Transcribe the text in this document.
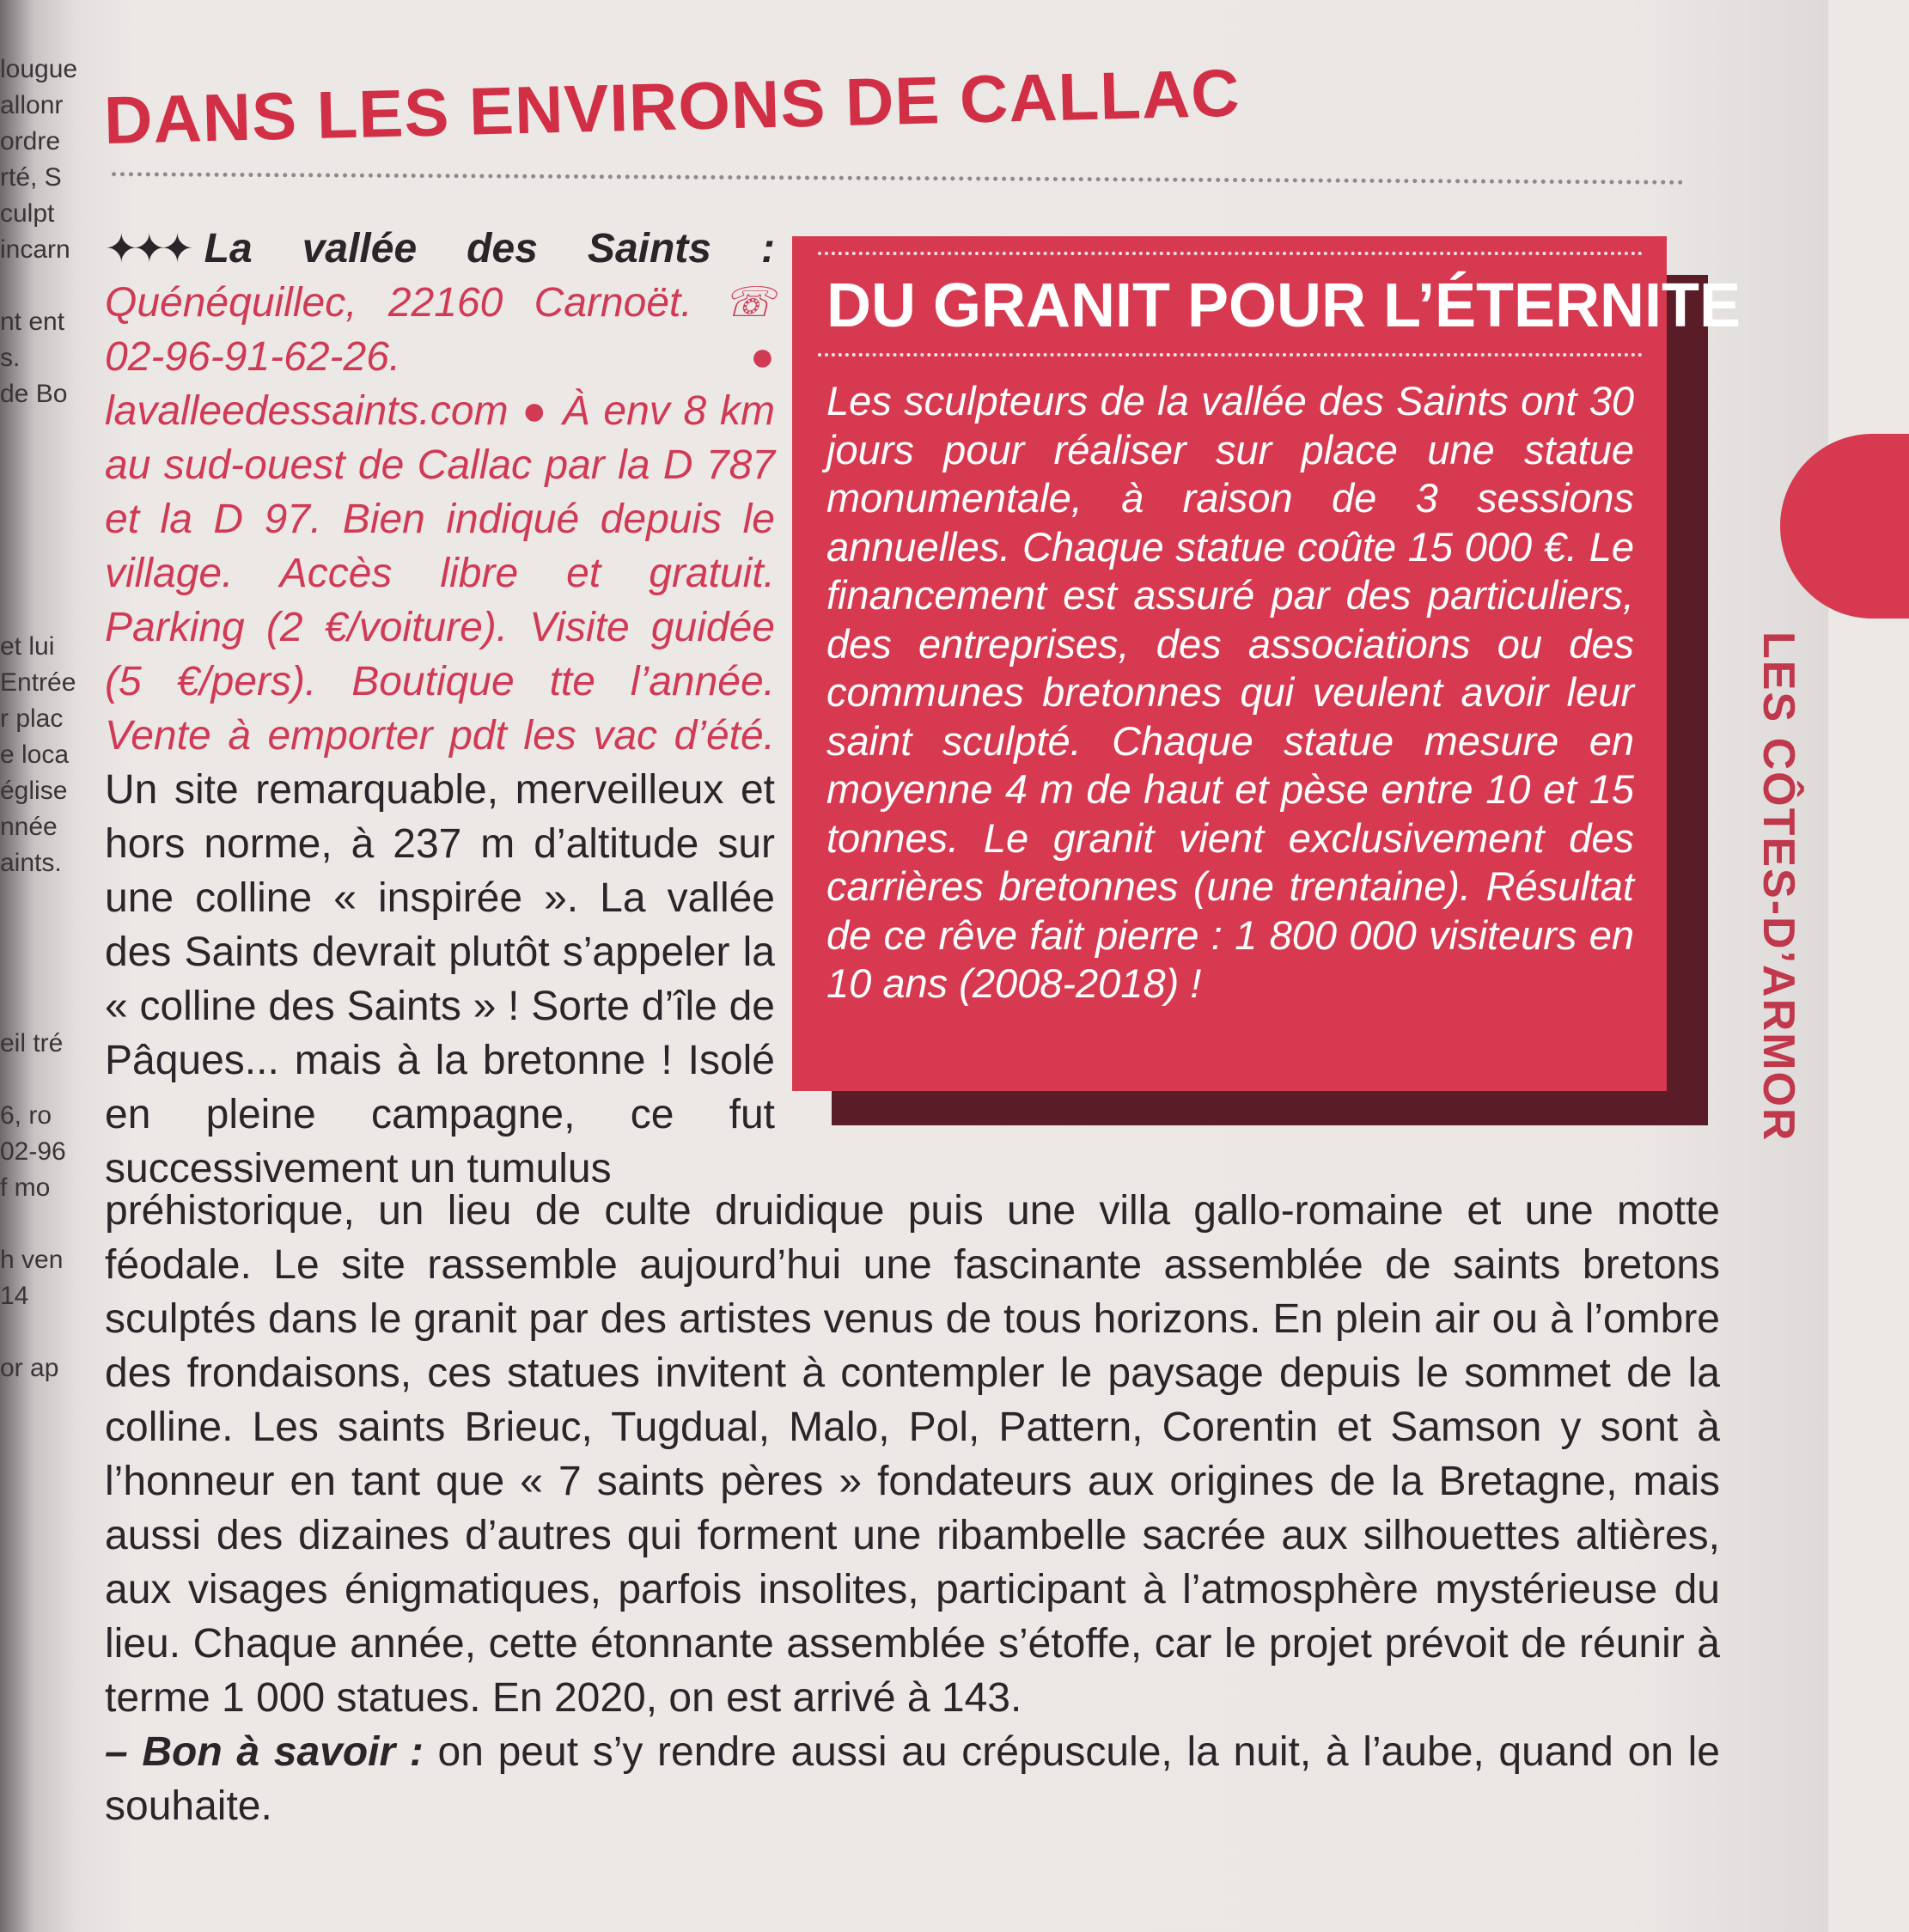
lougue
allonr
ordre
rté, S
culpt
incarn

nt ent
s.
de Bo

et lui
Entrée
r plac
e loca
église
nnée
aints.

eil tré

6, ro
02-96
f mo

h ven
14

or ap
DANS LES ENVIRONS DE CALLAC

✦✦✦ La vallée des Saints : Quénéquillec, 22160 Carnoët. ☏ 02-96-91-62-26. ● lavalleedessaints.com ● À env 8 km au sud-ouest de Callac par la D 787 et la D 97. Bien indiqué depuis le village. Accès libre et gratuit. Parking (2 €/voiture). Visite guidée (5 €/pers). Boutique tte l’année. Vente à emporter pdt les vac d’été. Un site remarquable, merveilleux et hors norme, à 237 m d’altitude sur une colline « inspirée ». La vallée des Saints devrait plutôt s’appeler la « colline des Saints » ! Sorte d’île de Pâques... mais à la bretonne ! Isolé en pleine campagne, ce fut successivement un tumulus

DU GRANIT POUR L’ÉTERNITE

Les sculpteurs de la vallée des Saints ont 30 jours pour réaliser sur place une statue monumentale, à raison de 3 sessions annuelles. Chaque statue coûte 15 000 €. Le financement est assuré par des particuliers, des entreprises, des associations ou des communes bretonnes qui veulent avoir leur saint sculpté. Chaque statue mesure en moyenne 4 m de haut et pèse entre 10 et 15 tonnes. Le granit vient exclusivement des carrières bretonnes (une trentaine). Résultat de ce rêve fait pierre : 1 800 000 visiteurs en 10 ans (2008-2018) !

préhistorique, un lieu de culte druidique puis une villa gallo-romaine et une motte féodale. Le site rassemble aujourd’hui une fascinante assemblée de saints bretons sculptés dans le granit par des artistes venus de tous horizons. En plein air ou à l’ombre des frondaisons, ces statues invitent à contempler le paysage depuis le sommet de la colline. Les saints Brieuc, Tugdual, Malo, Pol, Pattern, Corentin et Samson y sont à l’honneur en tant que « 7 saints pères » fondateurs aux origines de la Bretagne, mais aussi des dizaines d’autres qui forment une ribambelle sacrée aux silhouettes altières, aux visages énigmatiques, parfois insolites, participant à l’atmosphère mystérieuse du lieu. Chaque année, cette étonnante assemblée s’étoffe, car le projet prévoit de réunir à terme 1 000 statues. En 2020, on est arrivé à 143.

– Bon à savoir : on peut s’y rendre aussi au crépuscule, la nuit, à l’aube, quand on le souhaite.

LES CÔTES-D’ARMOR
